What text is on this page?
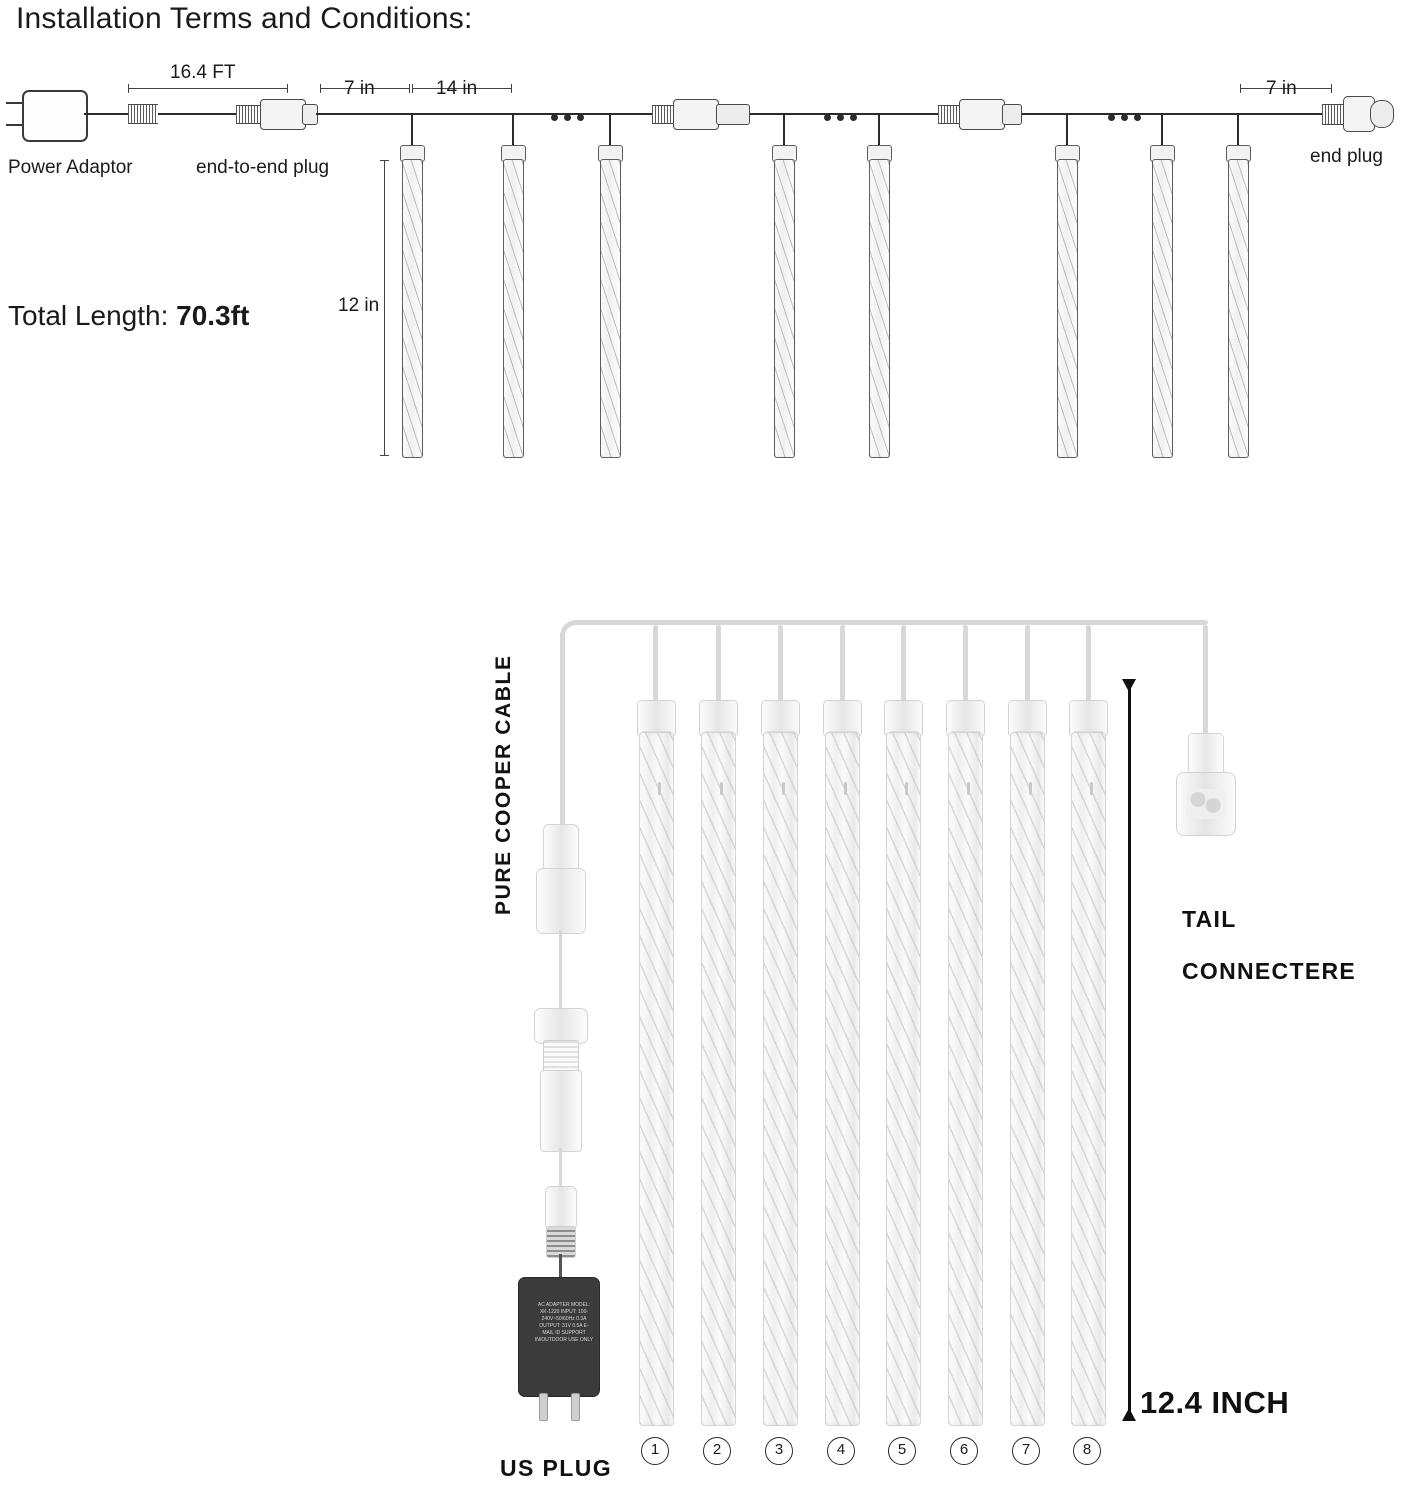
Installation Terms and Conditions:
Total Length: 70.3ft
Power Adaptor	end-to-end plug
end plug
16.4 FT
7 in	14 in	7 in
12 in
PURE COOPER CABLE
1	2	3	4	5	6	7	8
TAIL
CONNECTERE
AC ADAPTER MODEL: XK-1220 INPUT: 100-240V~50/60Hz 0.3A OUTPUT: 31V 0.5A E-MAIL ID SUPPORT IN/OUTDOOR USE ONLY
US PLUG
12.4 INCH
